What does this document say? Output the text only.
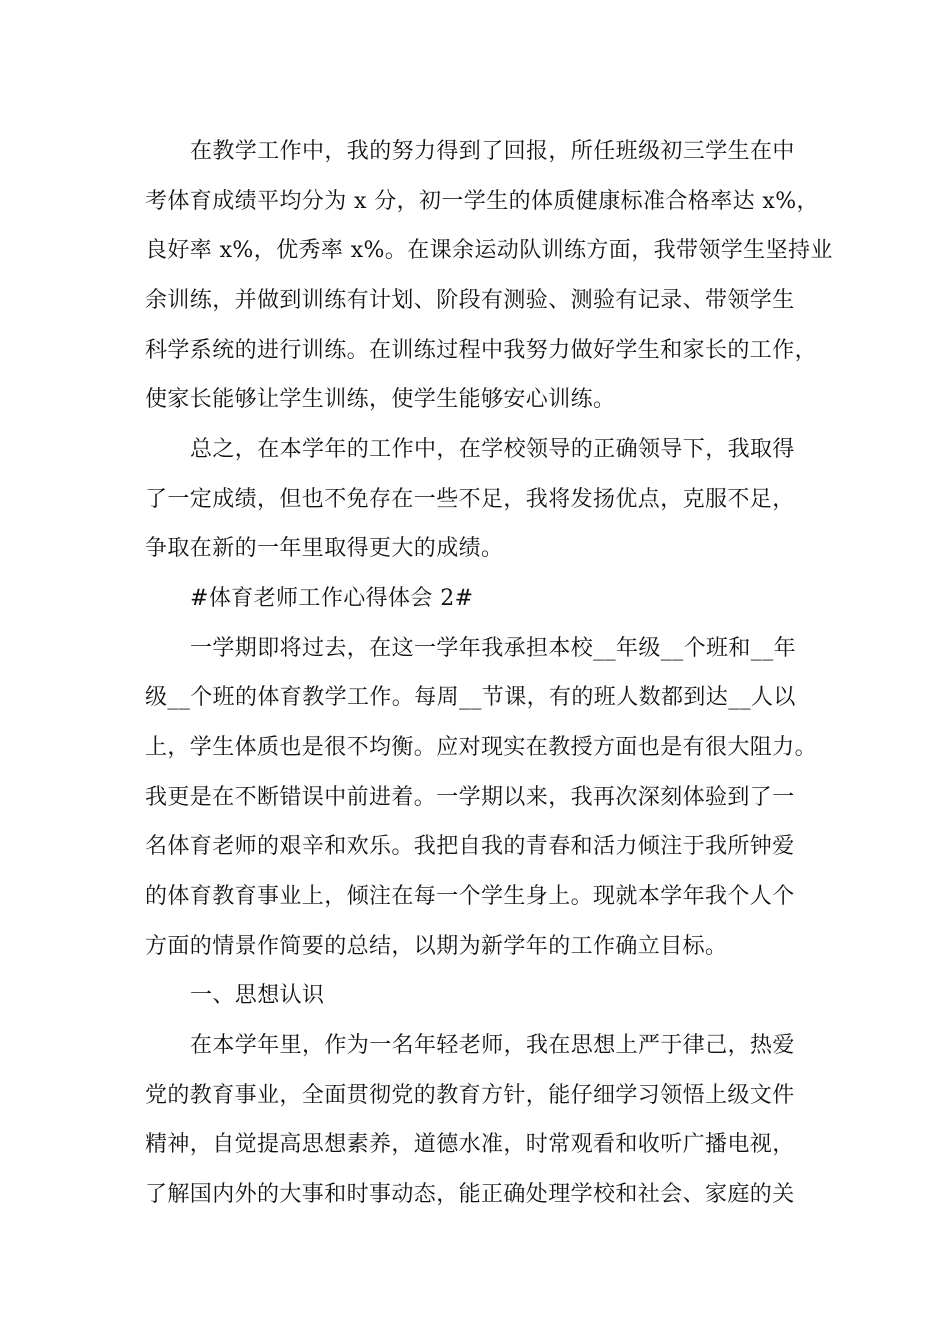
在教学工作中，我的努力得到了回报，所任班级初三学生在中
考体育成绩平均分为 x 分，初一学生的体质健康标准合格率达 x%，
良好率 x%，优秀率 x%。在课余运动队训练方面，我带领学生坚持业
余训练，并做到训练有计划、阶段有测验、测验有记录、带领学生
科学系统的进行训练。在训练过程中我努力做好学生和家长的工作，
使家长能够让学生训练，使学生能够安心训练。
总之，在本学年的工作中，在学校领导的正确领导下，我取得
了一定成绩，但也不免存在一些不足，我将发扬优点，克服不足，
争取在新的一年里取得更大的成绩。
#体育老师工作心得体会 2#
一学期即将过去，在这一学年我承担本校__年级__个班和__年
级__个班的体育教学工作。每周__节课，有的班人数都到达__人以
上，学生体质也是很不均衡。应对现实在教授方面也是有很大阻力。
我更是在不断错误中前进着。一学期以来，我再次深刻体验到了一
名体育老师的艰辛和欢乐。我把自我的青春和活力倾注于我所钟爱
的体育教育事业上，倾注在每一个学生身上。现就本学年我个人个
方面的情景作简要的总结，以期为新学年的工作确立目标。
一、思想认识
在本学年里，作为一名年轻老师，我在思想上严于律己，热爱
党的教育事业，全面贯彻党的教育方针，能仔细学习领悟上级文件
精神，自觉提高思想素养，道德水准，时常观看和收听广播电视，
了解国内外的大事和时事动态，能正确处理学校和社会、家庭的关
